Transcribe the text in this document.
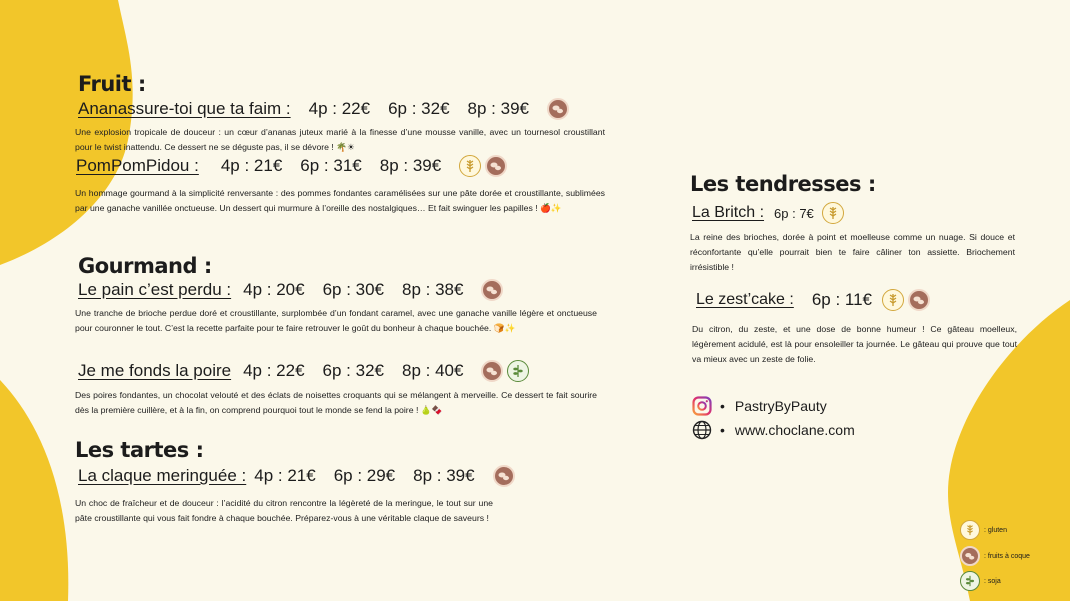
Fruit :
Ananassure-toi que ta faim : 4p : 22€ 6p : 32€ 8p : 39€
Une explosion tropicale de douceur : un cœur d’ananas juteux marié à la finesse d’une mousse vanille, avec un tournesol croustillant pour le twist inattendu. Ce dessert ne se déguste pas, il se dévore ! 🌴☀
PomPomPidou : 4p : 21€ 6p : 31€ 8p : 39€
Un hommage gourmand à la simplicité renversante : des pommes fondantes caramélisées sur une pâte dorée et croustillante, sublimées par une ganache vanillée onctueuse. Un dessert qui murmure à l’oreille des nostalgiques… Et fait swinguer les papilles ! 🍎✨
Gourmand :
Le pain c’est perdu : 4p : 20€ 6p : 30€ 8p : 38€
Une tranche de brioche perdue doré et croustillante, surplombée d’un fondant caramel, avec une ganache vanille légère et onctueuse pour couronner le tout. C’est la recette parfaite pour te faire retrouver le goût du bonheur à chaque bouchée. 🍞✨
Je me fonds la poire 4p : 22€ 6p : 32€ 8p : 40€
Des poires fondantes, un chocolat velouté et des éclats de noisettes croquants qui se mélangent à merveille. Ce dessert te fait sourire dès la première cuillère, et à la fin, on comprend pourquoi tout le monde se fend la poire ! 🍐🍫
Les tartes :
La claque meringuée : 4p : 21€ 6p : 29€ 8p : 39€
Un choc de fraîcheur et de douceur : l’acidité du citron rencontre la légèreté de la meringue, le tout sur une pâte croustillante qui vous fait fondre à chaque bouchée. Préparez-vous à une véritable claque de saveurs !
Les tendresses :
La Britch : 6p : 7€
La reine des brioches, dorée à point et moelleuse comme un nuage. Si douce et réconfortante qu’elle pourrait bien te faire câliner ton assiette. Briochement irrésistible !
Le zest’cake : 6p : 11€
Du citron, du zeste, et une dose de bonne humeur ! Ce gâteau moelleux, légèrement acidulé, est là pour ensoleiller ta journée. Le gâteau qui prouve que tout va mieux avec un zeste de folie.
• PastryByPauty
• www.choclane.com
: gluten
: fruits à coque
: soja
